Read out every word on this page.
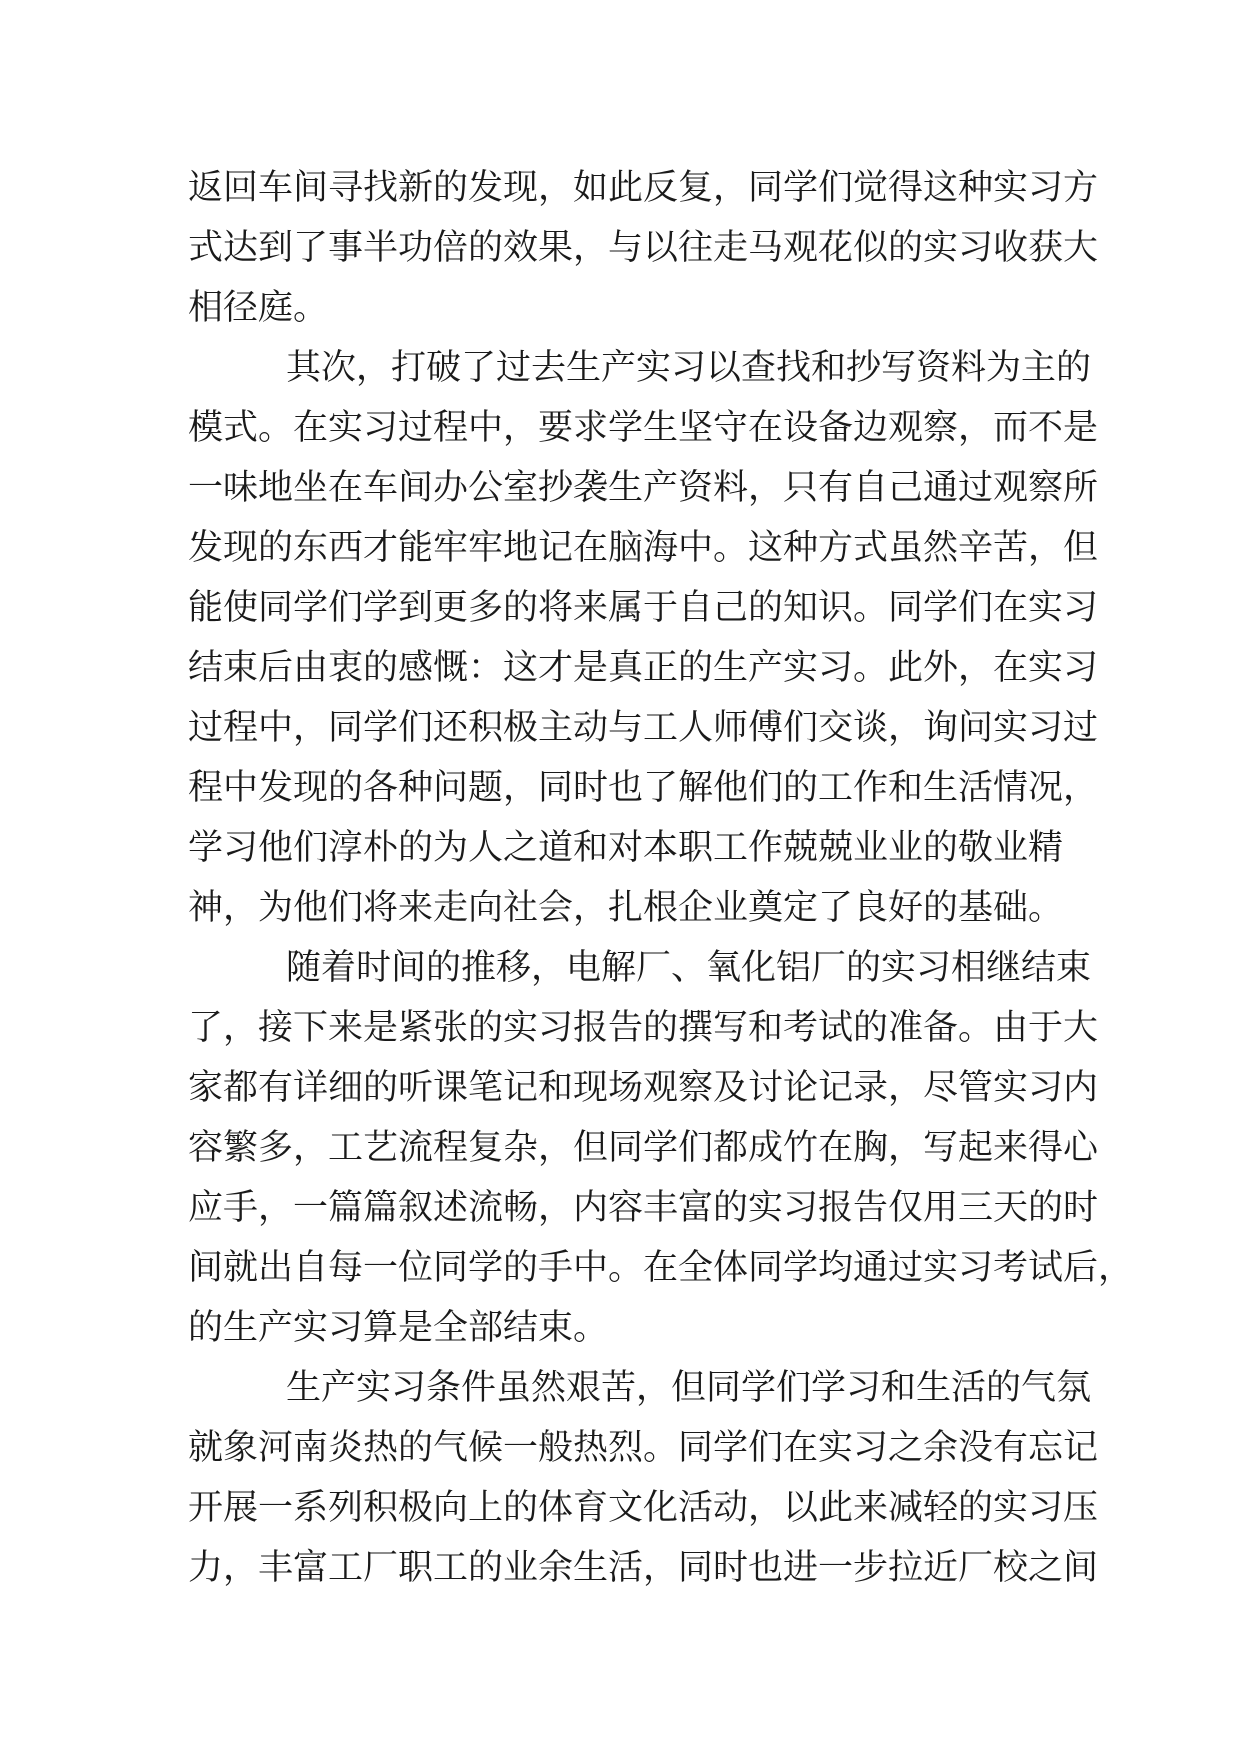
返回车间寻找新的发现，如此反复，同学们觉得这种实习方
式达到了事半功倍的效果，与以往走马观花似的实习收获大
相径庭。
其次，打破了过去生产实习以查找和抄写资料为主的
模式。在实习过程中，要求学生坚守在设备边观察，而不是
一味地坐在车间办公室抄袭生产资料，只有自己通过观察所
发现的东西才能牢牢地记在脑海中。这种方式虽然辛苦，但
能使同学们学到更多的将来属于自己的知识。同学们在实习
结束后由衷的感慨：这才是真正的生产实习。此外，在实习
过程中，同学们还积极主动与工人师傅们交谈，询问实习过
程中发现的各种问题，同时也了解他们的工作和生活情况，
学习他们淳朴的为人之道和对本职工作兢兢业业的敬业精
神，为他们将来走向社会，扎根企业奠定了良好的基础。
随着时间的推移，电解厂、氧化铝厂的实习相继结束
了，接下来是紧张的实习报告的撰写和考试的准备。由于大
家都有详细的听课笔记和现场观察及讨论记录，尽管实习内
容繁多，工艺流程复杂，但同学们都成竹在胸，写起来得心
应手，一篇篇叙述流畅，内容丰富的实习报告仅用三天的时
间就出自每一位同学的手中。在全体同学均通过实习考试后，
的生产实习算是全部结束。
生产实习条件虽然艰苦，但同学们学习和生活的气氛
就象河南炎热的气候一般热烈。同学们在实习之余没有忘记
开展一系列积极向上的体育文化活动，以此来减轻的实习压
力，丰富工厂职工的业余生活，同时也进一步拉近厂校之间
